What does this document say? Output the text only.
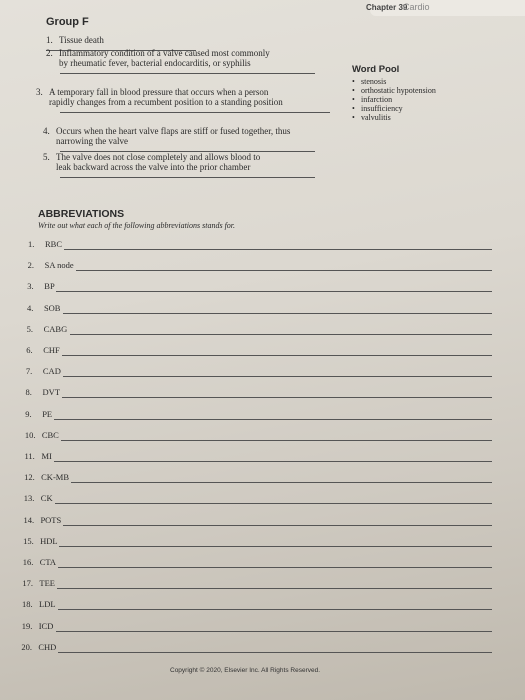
Chapter 39
Cardio
Group F
1. Tissue death
2. Inflammatory condition of a valve caused most commonly
by rheumatic fever, bacterial endocarditis, or syphilis
3. A temporary fall in blood pressure that occurs when a person
rapidly changes from a recumbent position to a standing position
4. Occurs when the heart valve flaps are stiff or fused together, thus
narrowing the valve
5. The valve does not close completely and allows blood to
leak backward across the valve into the prior chamber
Word Pool
• stenosis
• orthostatic hypotension
• infarction
• insufficiency
• valvulitis
ABBREVIATIONS
Write out what each of the following abbreviations stands for.
1. RBC
2. SA node
3. BP
4. SOB
5. CABG
6. CHF
7. CAD
8. DVT
9. PE
10. CBC
11. MI
12. CK-MB
13. CK
14. POTS
15. HDL
16. CTA
17. TEE
18. LDL
19. ICD
20. CHD
Copyright © 2020, Elsevier Inc. All Rights Reserved.
